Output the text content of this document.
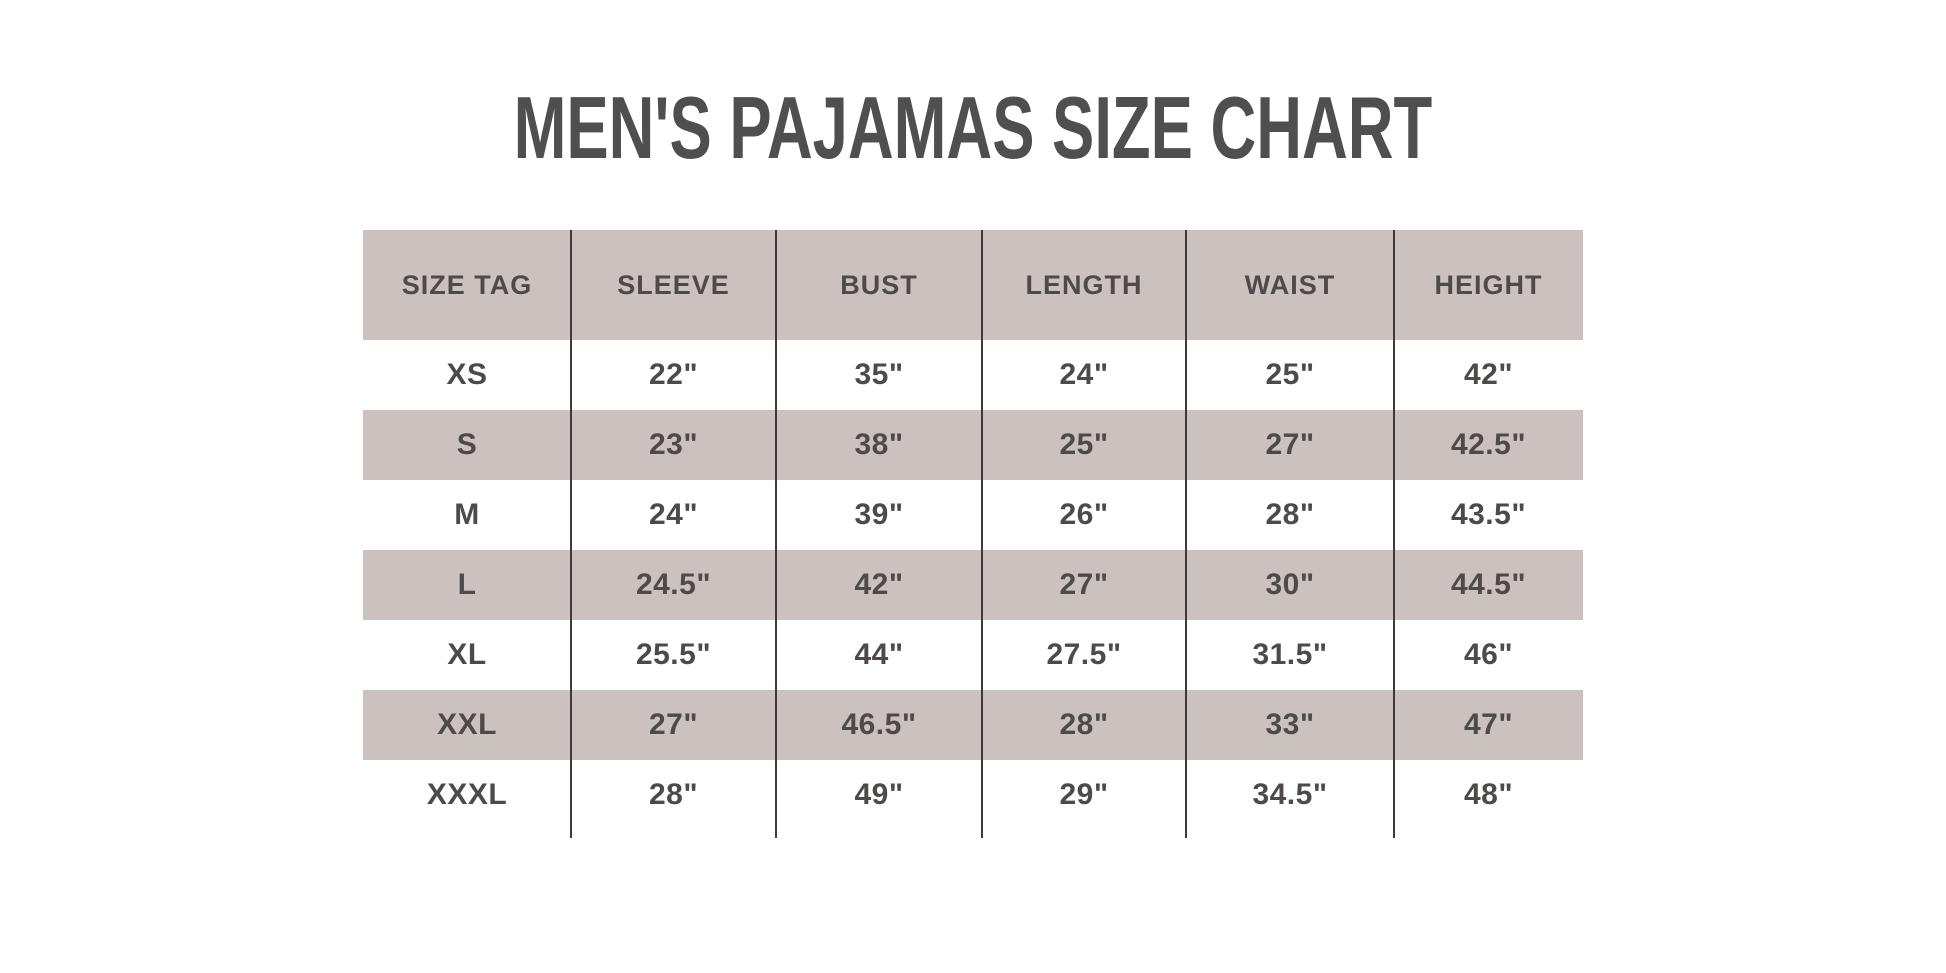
MEN'S PAJAMAS SIZE CHART
SIZE TAG	SLEEVE	BUST	LENGTH	WAIST	HEIGHT
XS	22"	35"	24"	25"	42"
S	23"	38"	25"	27"	42.5"
M	24"	39"	26"	28"	43.5"
L	24.5"	42"	27"	30"	44.5"
XL	25.5"	44"	27.5"	31.5"	46"
XXL	27"	46.5"	28"	33"	47"
XXXL	28"	49"	29"	34.5"	48"
